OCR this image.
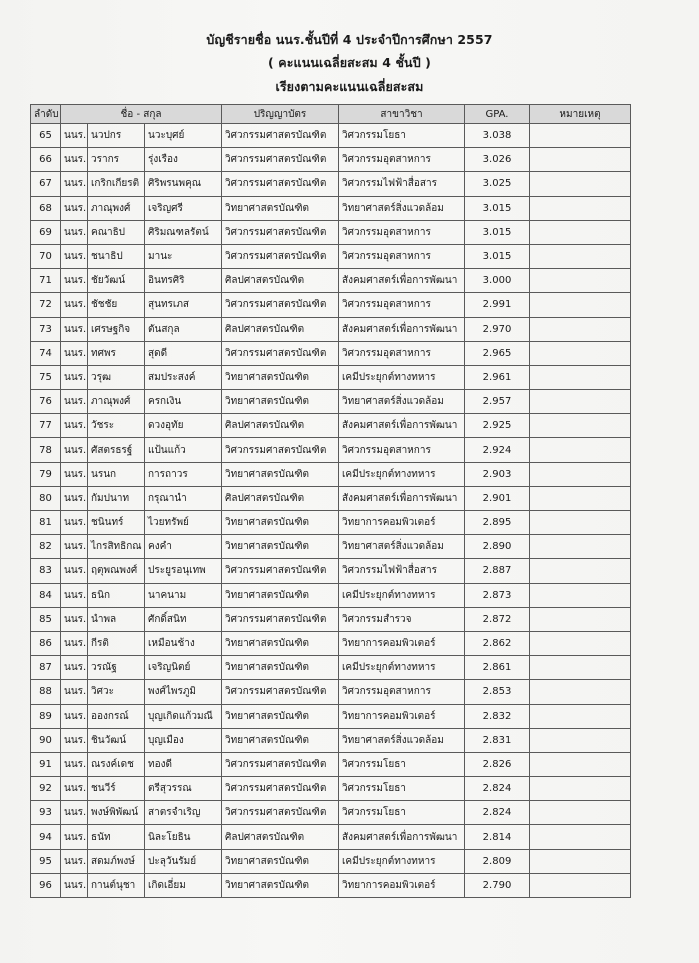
บัญชีรายชื่อ นนร.ชั้นปีที่ 4 ประจำปีการศึกษา 2557
( คะแนนเฉลี่ยสะสม 4 ชั้นปี )
เรียงตามคะแนนเฉลี่ยสะสม
ลำดับ	ชื่อ - สกุล			ปริญญาบัตร	สาขาวิชา	GPA.	หมายเหตุ
65	นนร.	นวปกร	นวะบุศย์	วิศวกรรมศาสตรบัณฑิต	วิศวกรรมโยธา	3.038	
66	นนร.	วรากร	รุ่งเรือง	วิศวกรรมศาสตรบัณฑิต	วิศวกรรมอุตสาหการ	3.026	
67	นนร.	เกริกเกียรติ	ศิริพรนพคุณ	วิศวกรรมศาสตรบัณฑิต	วิศวกรรมไฟฟ้าสื่อสาร	3.025	
68	นนร.	ภาณุพงศ์	เจริญศรี	วิทยาศาสตรบัณฑิต	วิทยาศาสตร์สิ่งแวดล้อม	3.015	
69	นนร.	คณาธิป	ศิริมณฑลรัตน์	วิศวกรรมศาสตรบัณฑิต	วิศวกรรมอุตสาหการ	3.015	
70	นนร.	ชนาธิป	มานะ	วิศวกรรมศาสตรบัณฑิต	วิศวกรรมอุตสาหการ	3.015	
71	นนร.	ชัยวัฒน์	อินทรศิริ	ศิลปศาสตรบัณฑิต	สังคมศาสตร์เพื่อการพัฒนา	3.000	
72	นนร.	ชัชชัย	สุนทรเภส	วิศวกรรมศาสตรบัณฑิต	วิศวกรรมอุตสาหการ	2.991	
73	นนร.	เศรษฐกิจ	ตันสกุล	ศิลปศาสตรบัณฑิต	สังคมศาสตร์เพื่อการพัฒนา	2.970	
74	นนร.	ทศพร	สุดดี	วิศวกรรมศาสตรบัณฑิต	วิศวกรรมอุตสาหการ	2.965	
75	นนร.	วรุฒ	สมประสงค์	วิทยาศาสตรบัณฑิต	เคมีประยุกต์ทางทหาร	2.961	
76	นนร.	ภาณุพงศ์	ครกเงิน	วิทยาศาสตรบัณฑิต	วิทยาศาสตร์สิ่งแวดล้อม	2.957	
77	นนร.	วัชระ	ดวงอุทัย	ศิลปศาสตรบัณฑิต	สังคมศาสตร์เพื่อการพัฒนา	2.925	
78	นนร.	ศัสตรธรฐ์	แป้นแก้ว	วิศวกรรมศาสตรบัณฑิต	วิศวกรรมอุตสาหการ	2.924	
79	นนร.	นรนก	การถาวร	วิทยาศาสตรบัณฑิต	เคมีประยุกต์ทางทหาร	2.903	
80	นนร.	กัมปนาท	กรุณานำ	ศิลปศาสตรบัณฑิต	สังคมศาสตร์เพื่อการพัฒนา	2.901	
81	นนร.	ชนินทร์	ไวยทรัพย์	วิทยาศาสตรบัณฑิต	วิทยาการคอมพิวเตอร์	2.895	
82	นนร.	ไกรสิทธิกณ	คงคำ	วิทยาศาสตรบัณฑิต	วิทยาศาสตร์สิ่งแวดล้อม	2.890	
83	นนร.	ฤตุพณพงศ์	ประยูรอนุเทพ	วิศวกรรมศาสตรบัณฑิต	วิศวกรรมไฟฟ้าสื่อสาร	2.887	
84	นนร.	ธนิก	นาคนาม	วิทยาศาสตรบัณฑิต	เคมีประยุกต์ทางทหาร	2.873	
85	นนร.	นำพล	ศักดิ์สนิท	วิศวกรรมศาสตรบัณฑิต	วิศวกรรมสำรวจ	2.872	
86	นนร.	กีรติ	เหมือนช้าง	วิทยาศาสตรบัณฑิต	วิทยาการคอมพิวเตอร์	2.862	
87	นนร.	วรณัฐ	เจริญนิตย์	วิทยาศาสตรบัณฑิต	เคมีประยุกต์ทางทหาร	2.861	
88	นนร.	วิศวะ	พงศ์ไพรภูมิ	วิศวกรรมศาสตรบัณฑิต	วิศวกรรมอุตสาหการ	2.853	
89	นนร.	อองกรณ์	บุญเกิดแก้วมณี	วิทยาศาสตรบัณฑิต	วิทยาการคอมพิวเตอร์	2.832	
90	นนร.	ชินวัฒน์	บุญเมือง	วิทยาศาสตรบัณฑิต	วิทยาศาสตร์สิ่งแวดล้อม	2.831	
91	นนร.	ณรงค์เดช	ทองดี	วิศวกรรมศาสตรบัณฑิต	วิศวกรรมโยธา	2.826	
92	นนร.	ชนวีร์	ตรีสุวรรณ	วิศวกรรมศาสตรบัณฑิต	วิศวกรรมโยธา	2.824	
93	นนร.	พงษ์พิพัฒน์	สาตรจำเริญ	วิศวกรรมศาสตรบัณฑิต	วิศวกรรมโยธา	2.824	
94	นนร.	ธนัท	นิละโยธิน	ศิลปศาสตรบัณฑิต	สังคมศาสตร์เพื่อการพัฒนา	2.814	
95	นนร.	สดมภ์พงษ์	ปะลุวันรัมย์	วิทยาศาสตรบัณฑิต	เคมีประยุกต์ทางทหาร	2.809	
96	นนร.	กานต์นุชา	เกิดเอี่ยม	วิทยาศาสตรบัณฑิต	วิทยาการคอมพิวเตอร์	2.790	
